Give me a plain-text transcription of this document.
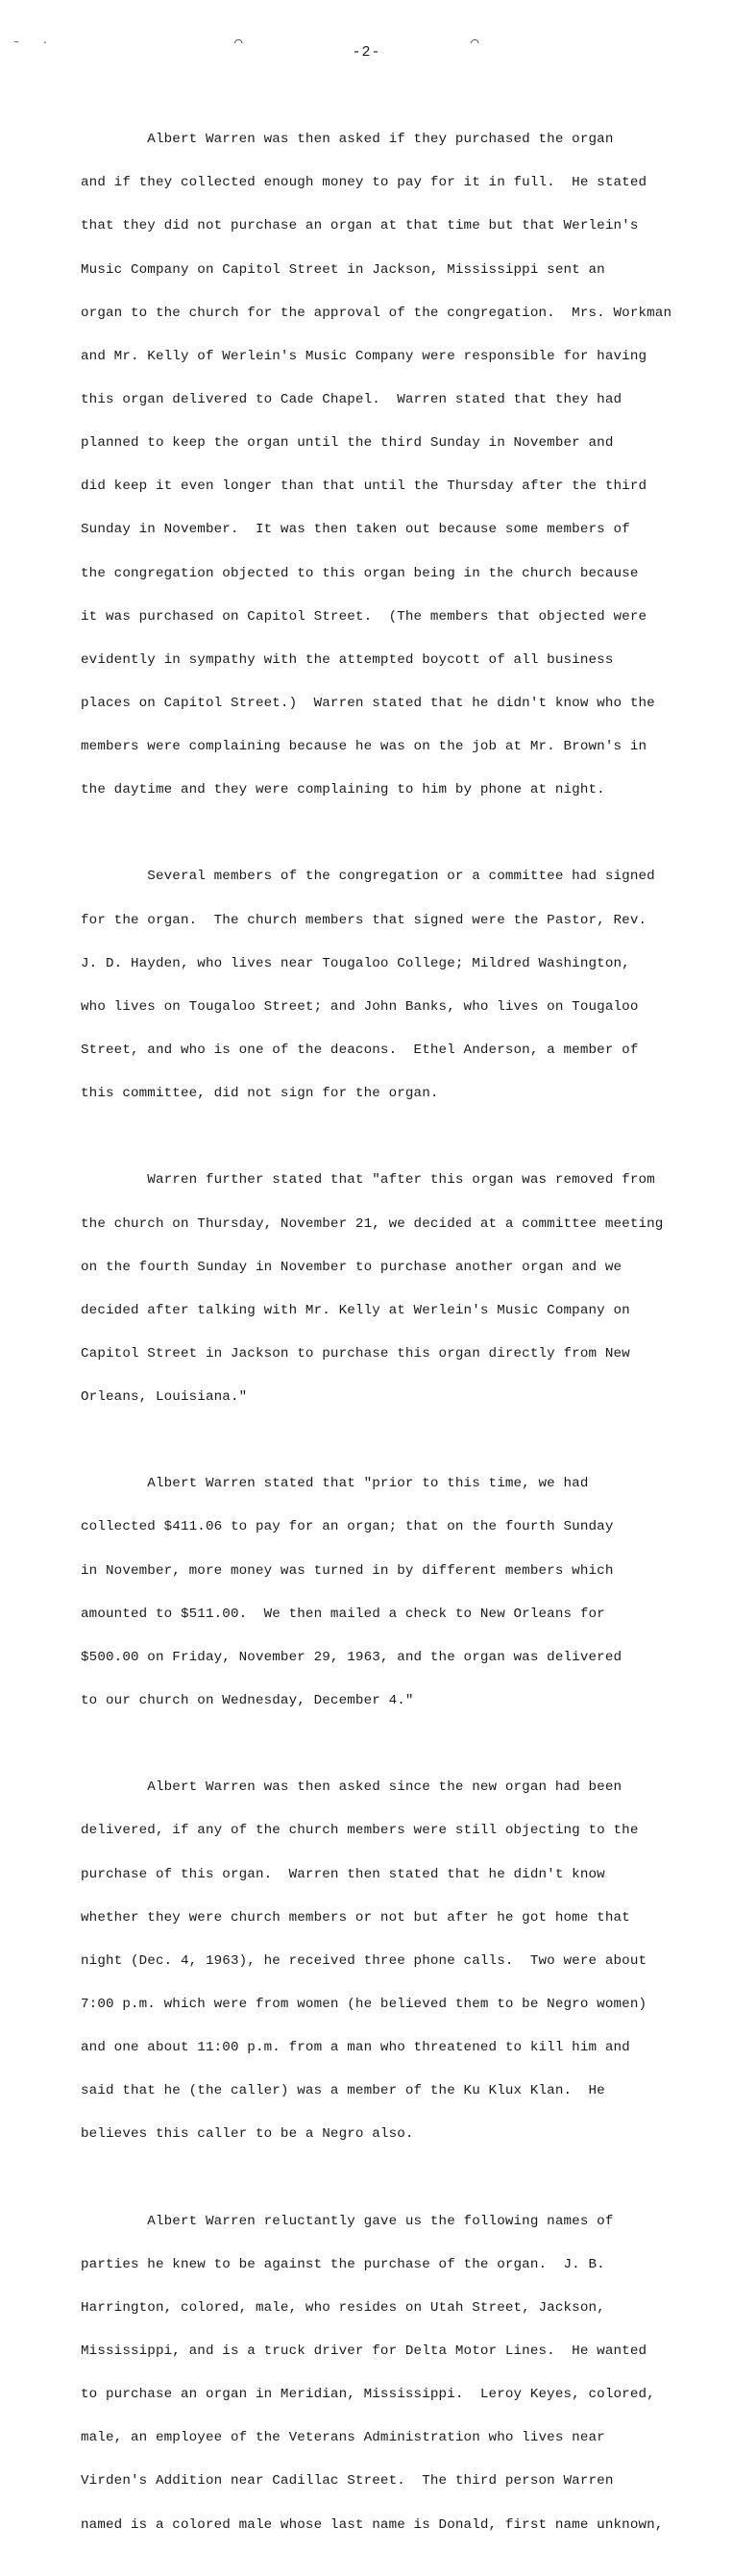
~ ·	⌒	⌒
-2-

Albert Warren was then asked if they purchased the organ

and if they collected enough money to pay for it in full.  He stated

that they did not purchase an organ at that time but that Werlein's

Music Company on Capitol Street in Jackson, Mississippi sent an

organ to the church for the approval of the congregation.  Mrs. Workman

and Mr. Kelly of Werlein's Music Company were responsible for having

this organ delivered to Cade Chapel.  Warren stated that they had

planned to keep the organ until the third Sunday in November and

did keep it even longer than that until the Thursday after the third

Sunday in November.  It was then taken out because some members of

the congregation objected to this organ being in the church because

it was purchased on Capitol Street.  (The members that objected were

evidently in sympathy with the attempted boycott of all business

places on Capitol Street.)  Warren stated that he didn't know who the

members were complaining because he was on the job at Mr. Brown's in

the daytime and they were complaining to him by phone at night.

Several members of the congregation or a committee had signed

for the organ.  The church members that signed were the Pastor, Rev.

J. D. Hayden, who lives near Tougaloo College; Mildred Washington,

who lives on Tougaloo Street; and John Banks, who lives on Tougaloo

Street, and who is one of the deacons.  Ethel Anderson, a member of

this committee, did not sign for the organ.

Warren further stated that "after this organ was removed from

the church on Thursday, November 21, we decided at a committee meeting

on the fourth Sunday in November to purchase another organ and we

decided after talking with Mr. Kelly at Werlein's Music Company on

Capitol Street in Jackson to purchase this organ directly from New

Orleans, Louisiana."

Albert Warren stated that "prior to this time, we had

collected $411.06 to pay for an organ; that on the fourth Sunday

in November, more money was turned in by different members which

amounted to $511.00.  We then mailed a check to New Orleans for

$500.00 on Friday, November 29, 1963, and the organ was delivered

to our church on Wednesday, December 4."

Albert Warren was then asked since the new organ had been

delivered, if any of the church members were still objecting to the

purchase of this organ.  Warren then stated that he didn't know

whether they were church members or not but after he got home that

night (Dec. 4, 1963), he received three phone calls.  Two were about

7:00 p.m. which were from women (he believed them to be Negro women)

and one about 11:00 p.m. from a man who threatened to kill him and

said that he (the caller) was a member of the Ku Klux Klan.  He

believes this caller to be a Negro also.

Albert Warren reluctantly gave us the following names of

parties he knew to be against the purchase of the organ.  J. B.

Harrington, colored, male, who resides on Utah Street, Jackson,

Mississippi, and is a truck driver for Delta Motor Lines.  He wanted

to purchase an organ in Meridian, Mississippi.  Leroy Keyes, colored,

male, an employee of the Veterans Administration who lives near

Virden's Addition near Cadillac Street.  The third person Warren

named is a colored male whose last name is Donald, first name unknown,
